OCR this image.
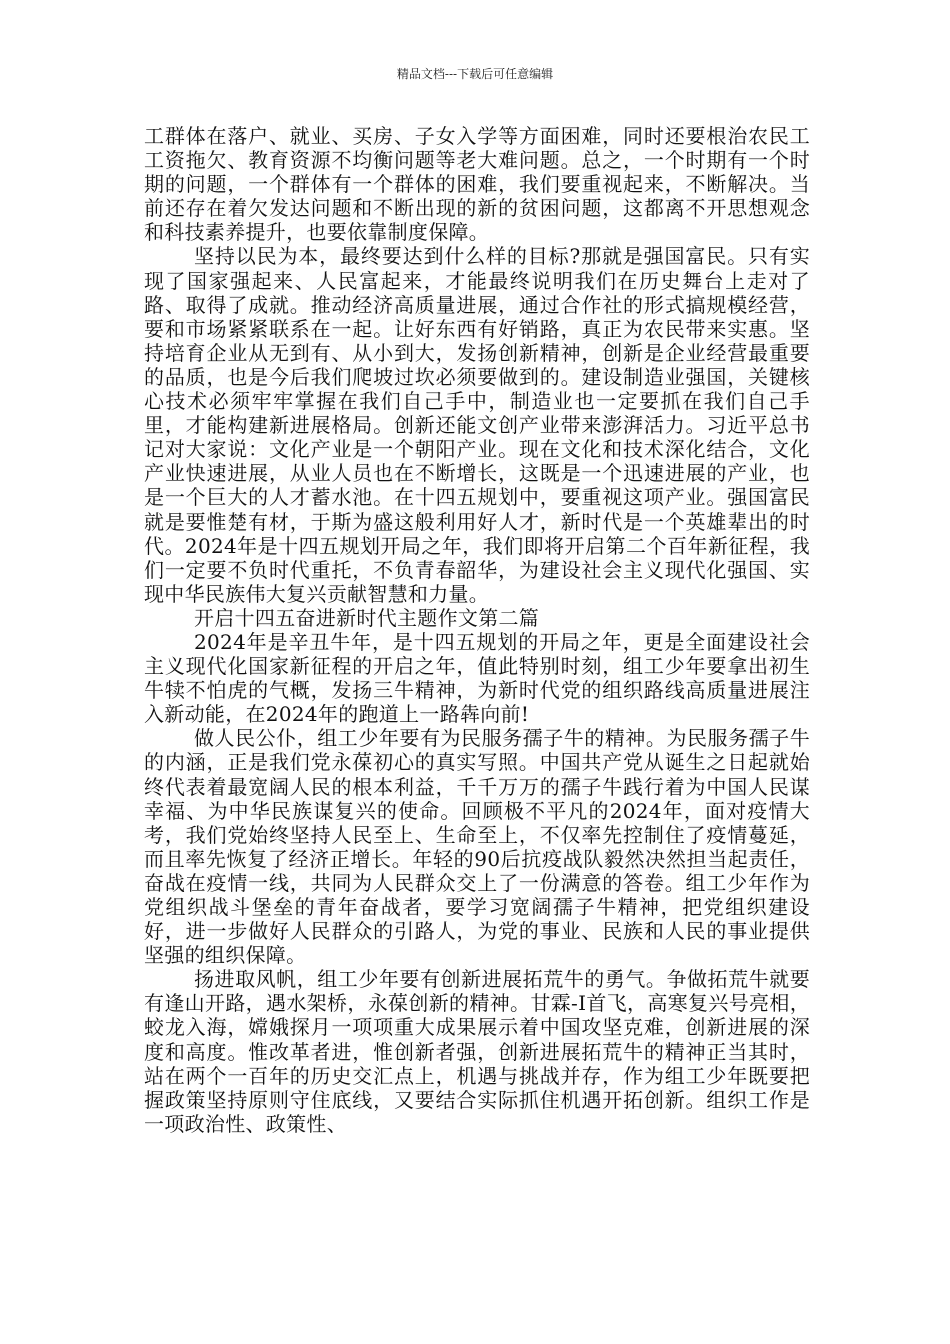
精品文档---下载后可任意编辑

工群体在落户、就业、买房、子女入学等方面困难，同时还要根治农民工工资拖欠、教育资源不均衡问题等老大难问题。总之，一个时期有一个时期的问题，一个群体有一个群体的困难，我们要重视起来，不断解决。当前还存在着欠发达问题和不断出现的新的贫困问题，这都离不开思想观念和科技素养提升，也要依靠制度保障。

坚持以民为本，最终要达到什么样的目标?那就是强国富民。只有实现了国家强起来、人民富起来，才能最终说明我们在历史舞台上走对了路、取得了成就。推动经济高质量进展，通过合作社的形式搞规模经营，要和市场紧紧联系在一起。让好东西有好销路，真正为农民带来实惠。坚持培育企业从无到有、从小到大，发扬创新精神，创新是企业经营最重要的品质，也是今后我们爬坡过坎必须要做到的。建设制造业强国，关键核心技术必须牢牢掌握在我们自己手中，制造业也一定要抓在我们自己手里，才能构建新进展格局。创新还能文创产业带来澎湃活力。习近平总书记对大家说：文化产业是一个朝阳产业。现在文化和技术深化结合，文化产业快速进展，从业人员也在不断增长，这既是一个迅速进展的产业，也是一个巨大的人才蓄水池。在十四五规划中，要重视这项产业。强国富民就是要惟楚有材，于斯为盛这般利用好人才，新时代是一个英雄辈出的时代。2024年是十四五规划开局之年，我们即将开启第二个百年新征程，我们一定要不负时代重托，不负青春韶华，为建设社会主义现代化强国、实现中华民族伟大复兴贡献智慧和力量。

开启十四五奋进新时代主题作文第二篇

2024年是辛丑牛年，是十四五规划的开局之年，更是全面建设社会主义现代化国家新征程的开启之年，值此特别时刻，组工少年要拿出初生牛犊不怕虎的气概，发扬三牛精神，为新时代党的组织路线高质量进展注入新动能，在2024年的跑道上一路犇向前!

做人民公仆，组工少年要有为民服务孺子牛的精神。为民服务孺子牛的内涵，正是我们党永葆初心的真实写照。中国共产党从诞生之日起就始终代表着最宽阔人民的根本利益，千千万万的孺子牛践行着为中国人民谋幸福、为中华民族谋复兴的使命。回顾极不平凡的2024年，面对疫情大考，我们党始终坚持人民至上、生命至上，不仅率先控制住了疫情蔓延，而且率先恢复了经济正增长。年轻的90后抗疫战队毅然决然担当起责任，奋战在疫情一线，共同为人民群众交上了一份满意的答卷。组工少年作为党组织战斗堡垒的青年奋战者，要学习宽阔孺子牛精神，把党组织建设好，进一步做好人民群众的引路人，为党的事业、民族和人民的事业提供坚强的组织保障。

扬进取风帆，组工少年要有创新进展拓荒牛的勇气。争做拓荒牛就要有逢山开路，遇水架桥，永葆创新的精神。甘霖-I首飞，高寒复兴号亮相，蛟龙入海，嫦娥探月一项项重大成果展示着中国攻坚克难，创新进展的深度和高度。惟改革者进，惟创新者强，创新进展拓荒牛的精神正当其时，站在两个一百年的历史交汇点上，机遇与挑战并存，作为组工少年既要把握政策坚持原则守住底线，又要结合实际抓住机遇开拓创新。组织工作是一项政治性、政策性、
